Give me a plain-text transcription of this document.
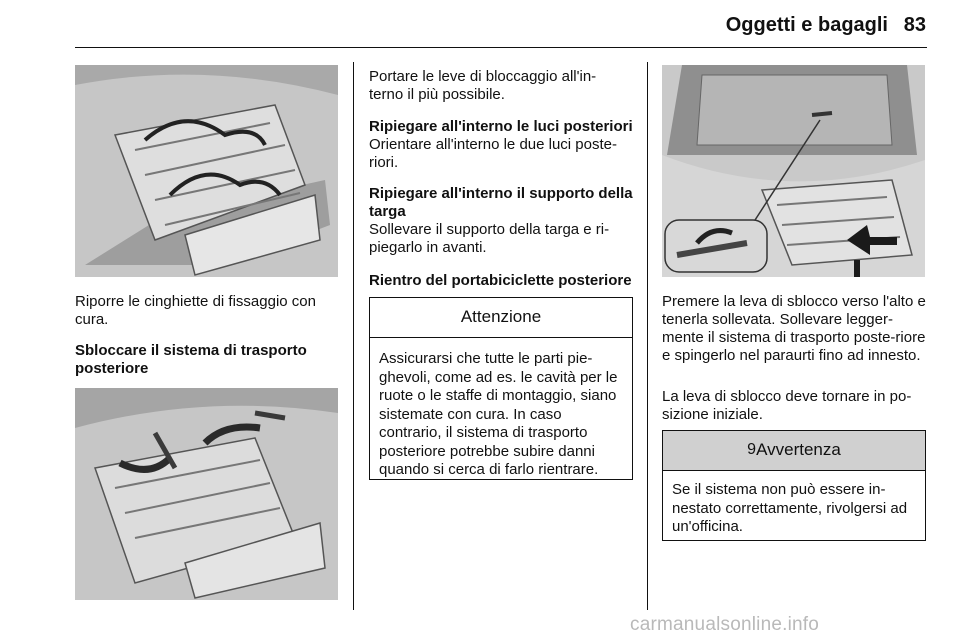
Oggetti e bagagli 83
Riporre le cinghiette di fissaggio con cura.
Sbloccare il sistema di trasporto posteriore
Portare le leve di bloccaggio all'in-terno il più possibile.
Ripiegare all'interno le luci posteriori
Orientare all'interno le due luci poste-riori.
Ripiegare all'interno il supporto della targa
Sollevare il supporto della targa e ri-piegarlo in avanti.
Rientro del portabiciclette posteriore
Attenzione
Assicurarsi che tutte le parti pie-ghevoli, come ad es. le cavità per le ruote o le staffe di montaggio, siano sistemate con cura. In caso contrario, il sistema di trasporto posteriore potrebbe subire danni quando si cerca di farlo rientrare.
Premere la leva di sblocco verso l'alto e tenerla sollevata. Sollevare legger-mente il sistema di trasporto poste-riore e spingerlo nel paraurti fino ad innesto.
La leva di sblocco deve tornare in po-sizione iniziale.
9Avvertenza
Se il sistema non può essere in-nestato correttamente, rivolgersi ad un'officina.
carmanualsonline.info
